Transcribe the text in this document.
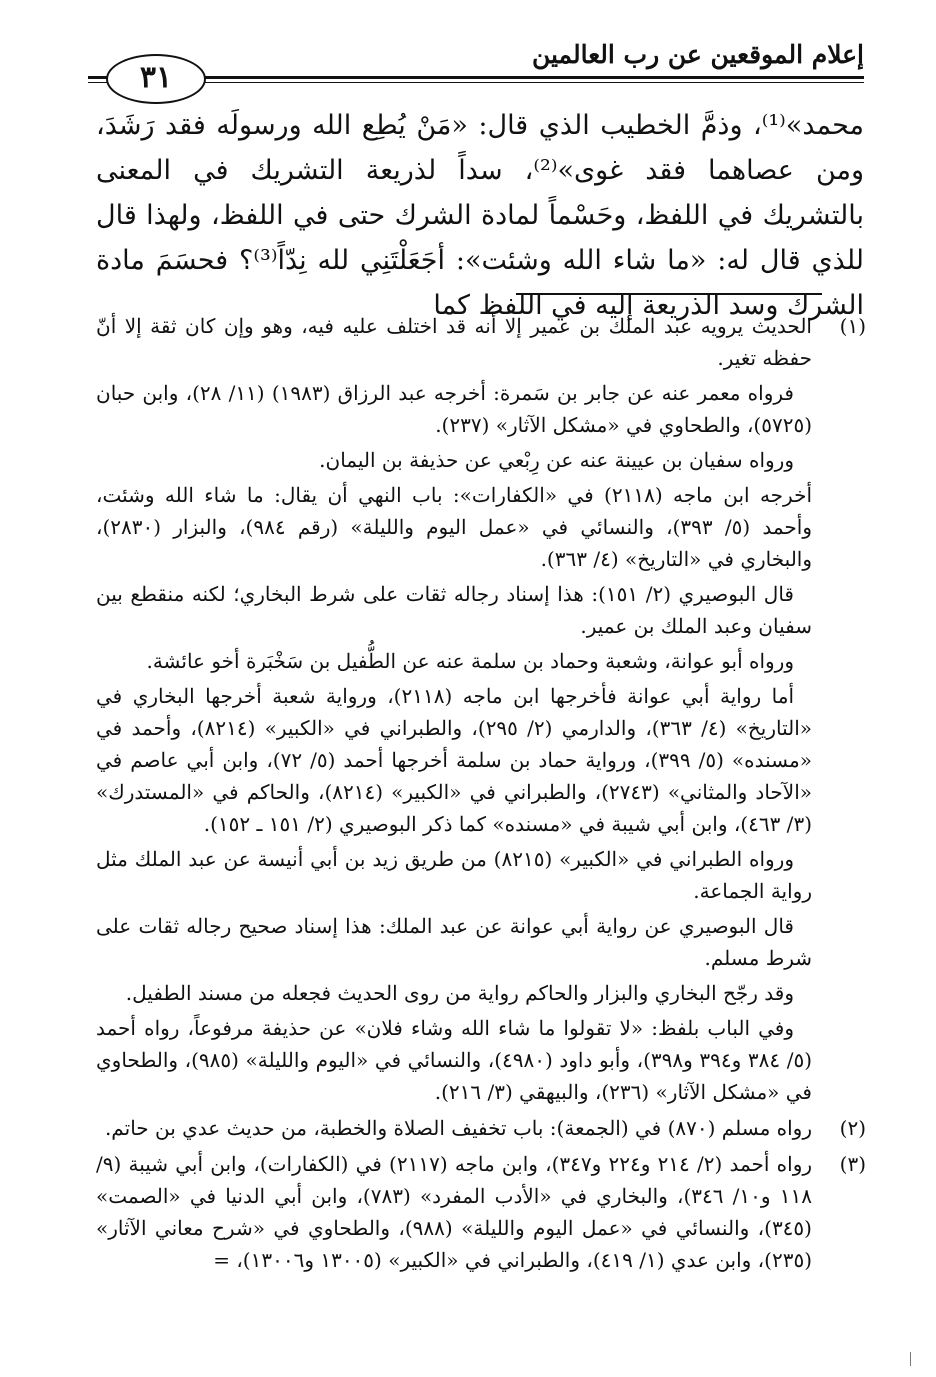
إعلام الموقعين عن رب العالمين
٣١

محمد»⁽¹⁾، وذمَّ الخطيب الذي قال: «مَنْ يُطِع الله ورسولَه فقد رَشَدَ، ومن عصاهما فقد غوى»⁽²⁾، سداً لذريعة التشريك في المعنى بالتشريك في اللفظ، وحَسْماً لمادة الشرك حتى في اللفظ، ولهذا قال للذي قال له: «ما شاء الله وشئت»: أجَعَلْتَنِي لله نِدّاً⁽³⁾؟ فحسَمَ مادة الشرك وسد الذريعة إليه في اللفظ كما

(١)

الحديث يرويه عبد الملك بن عمير إلا أنه قد اختلف عليه فيه، وهو وإن كان ثقة إلا أنّ حفظه تغير.

فرواه معمر عنه عن جابر بن سَمرة: أخرجه عبد الرزاق (١٩٨٣) (١١/ ٢٨)، وابن حبان (٥٧٢٥)، والطحاوي في «مشكل الآثار» (٢٣٧).

ورواه سفيان بن عيينة عنه عن رِبْعي عن حذيفة بن اليمان.

أخرجه ابن ماجه (٢١١٨) في «الكفارات»: باب النهي أن يقال: ما شاء الله وشئت، وأحمد (٥/ ٣٩٣)، والنسائي في «عمل اليوم والليلة» (رقم ٩٨٤)، والبزار (٢٨٣٠)، والبخاري في «التاريخ» (٤/ ٣٦٣).

قال البوصيري (٢/ ١٥١): هذا إسناد رجاله ثقات على شرط البخاري؛ لكنه منقطع بين سفيان وعبد الملك بن عمير.

ورواه أبو عوانة، وشعبة وحماد بن سلمة عنه عن الطُّفيل بن سَخْبَرة أخو عائشة.

أما رواية أبي عوانة فأخرجها ابن ماجه (٢١١٨)، ورواية شعبة أخرجها البخاري في «التاريخ» (٤/ ٣٦٣)، والدارمي (٢/ ٢٩٥)، والطبراني في «الكبير» (٨٢١٤)، وأحمد في «مسنده» (٥/ ٣٩٩)، ورواية حماد بن سلمة أخرجها أحمد (٥/ ٧٢)، وابن أبي عاصم في «الآحاد والمثاني» (٢٧٤٣)، والطبراني في «الكبير» (٨٢١٤)، والحاكم في «المستدرك» (٣/ ٤٦٣)، وابن أبي شيبة في «مسنده» كما ذكر البوصيري (٢/ ١٥١ ـ ١٥٢).

ورواه الطبراني في «الكبير» (٨٢١٥) من طريق زيد بن أبي أنيسة عن عبد الملك مثل رواية الجماعة.

قال البوصيري عن رواية أبي عوانة عن عبد الملك: هذا إسناد صحيح رجاله ثقات على شرط مسلم.

وقد رجّح البخاري والبزار والحاكم رواية من روى الحديث فجعله من مسند الطفيل.

وفي الباب بلفظ: «لا تقولوا ما شاء الله وشاء فلان» عن حذيفة مرفوعاً، رواه أحمد (٥/ ٣٨٤ و٣٩٤ و٣٩٨)، وأبو داود (٤٩٨٠)، والنسائي في «اليوم والليلة» (٩٨٥)، والطحاوي في «مشكل الآثار» (٢٣٦)، والبيهقي (٣/ ٢١٦).

(٢)

رواه مسلم (٨٧٠) في (الجمعة): باب تخفيف الصلاة والخطبة، من حديث عدي بن حاتم.

(٣)

رواه أحمد (٢/ ٢١٤ و٢٢٤ و٣٤٧)، وابن ماجه (٢١١٧) في (الكفارات)، وابن أبي شيبة (٩/ ١١٨ و١٠/ ٣٤٦)، والبخاري في «الأدب المفرد» (٧٨٣)، وابن أبي الدنيا في «الصمت» (٣٤٥)، والنسائي في «عمل اليوم والليلة» (٩٨٨)، والطحاوي في «شرح معاني الآثار» (٢٣٥)، وابن عدي (١/ ٤١٩)، والطبراني في «الكبير» (١٣٠٠٥ و١٣٠٠٦)، =
